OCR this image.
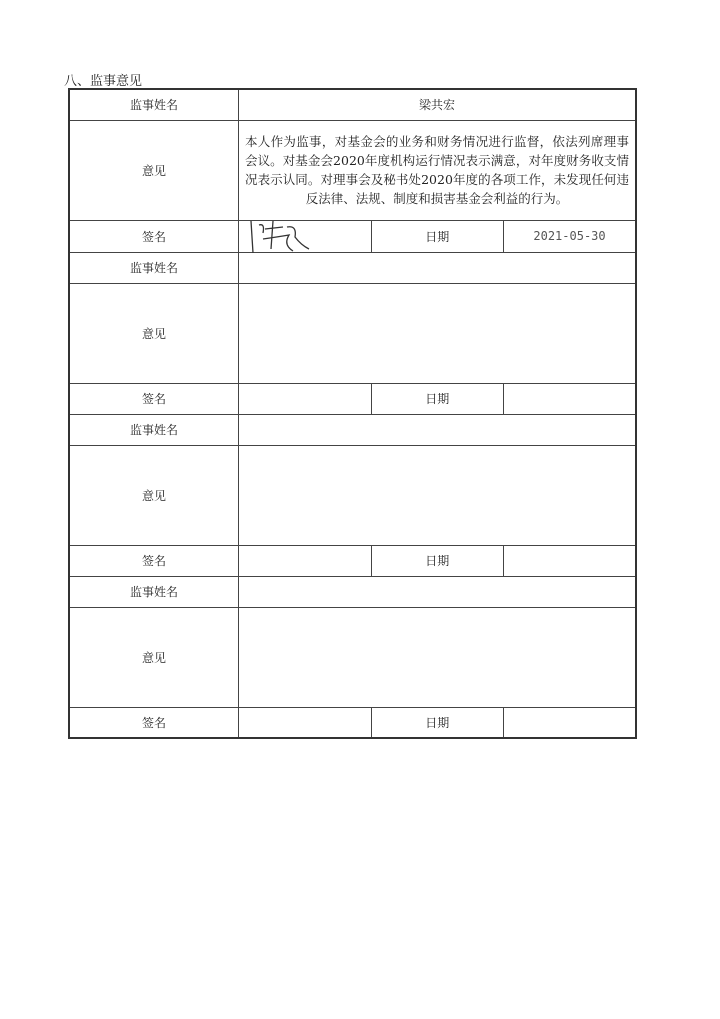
八、监事意见
监事姓名	梁共宏		
意见	本人作为监事，对基金会的业务和财务情况进行监督，依法列席理事会议。对基金会2020年度机构运行情况表示满意，对年度财务收支情况表示认同。对理事会及秘书处2020年度的各项工作，未发现任何违反法律、法规、制度和损害基金会利益的行为。		
签名		日期	2021-05-30
监事姓名			
意见			
签名		日期	
监事姓名			
意见			
签名		日期	
监事姓名			
意见			
签名		日期	
